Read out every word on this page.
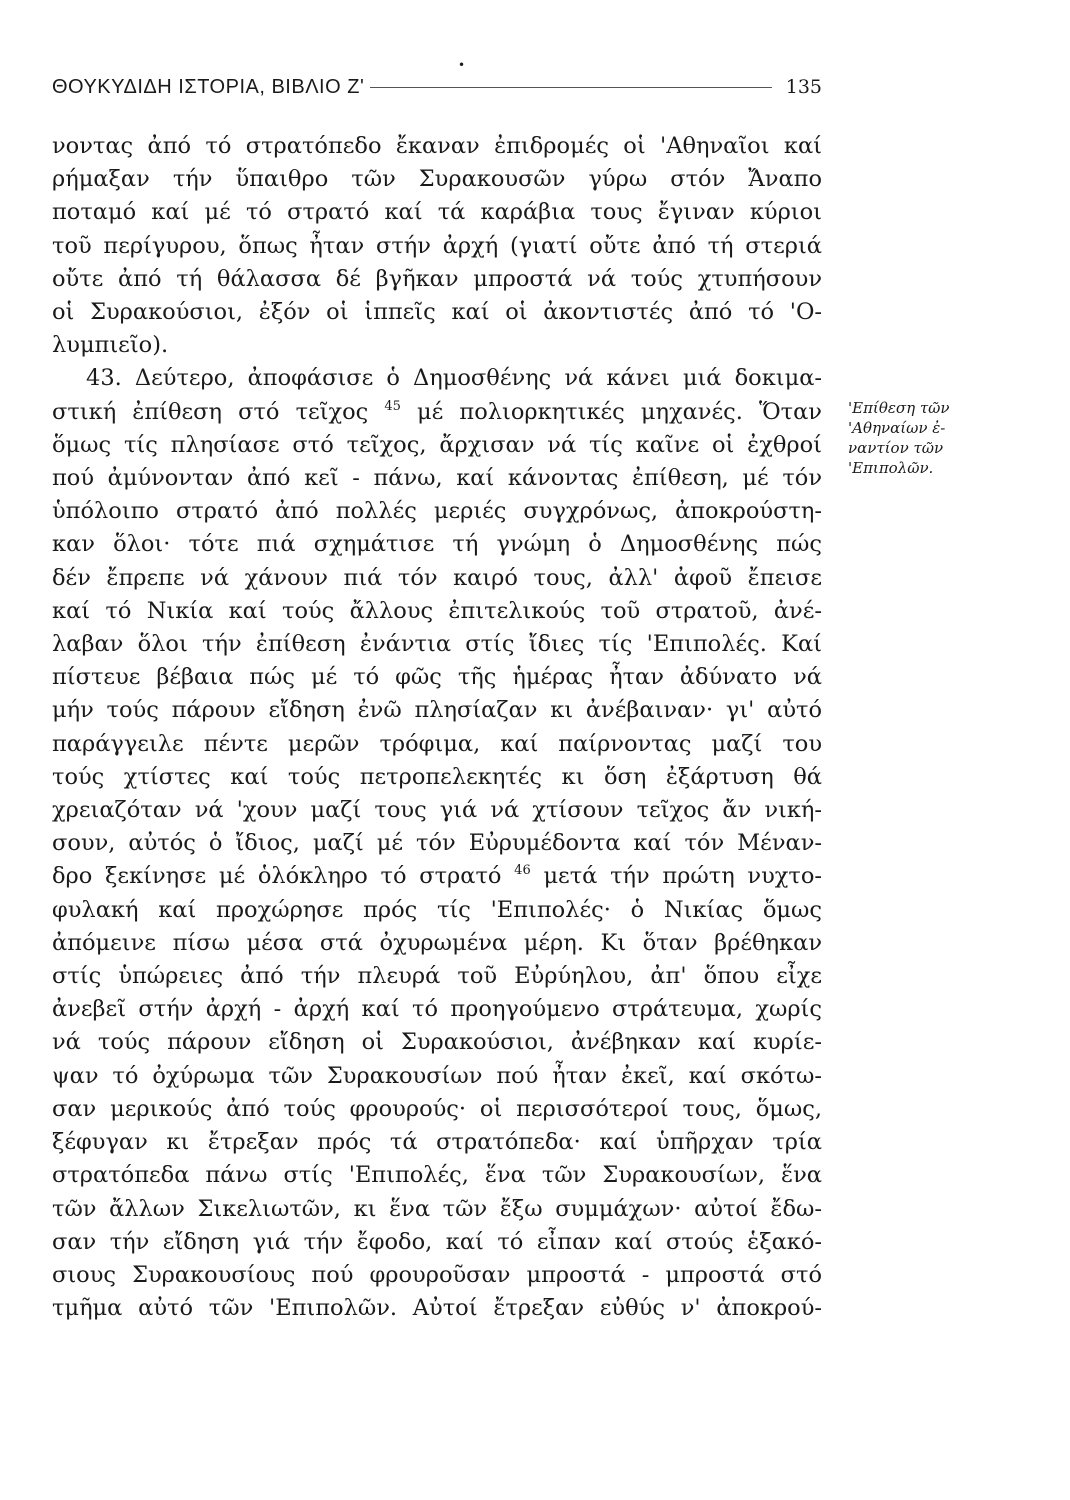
•
ΘΟΥΚΥΔΙΔΗ ΙΣΤΟΡΙΑ, ΒΙΒΛΙΟ Ζ'	135

νοντας ἀπό τό στρατόπεδο ἔκαναν ἐπιδρομές οἱ 'Αθηναῖοι καί

ρήμαξαν τήν ὕπαιθρο τῶν Συρακουσῶν γύρω στόν Ἄναπο

ποταμό καί μέ τό στρατό καί τά καράβια τους ἔγιναν κύριοι

τοῦ περίγυρου, ὅπως ἦταν στήν ἀρχή (γιατί οὔτε ἀπό τή στεριά

οὔτε ἀπό τή θάλασσα δέ βγῆκαν μπροστά νά τούς χτυπήσουν

οἱ Συρακούσιοι, ἐξόν οἱ ἱππεῖς καί οἱ ἀκοντιστές ἀπό τό 'Ο-

λυμπιεῖο).

43. Δεύτερο, ἀποφάσισε ὁ Δημοσθένης νά κάνει μιά δοκιμα-

στική ἐπίθεση στό τεῖχος $^{45}$ μέ πολιορκητικές μηχανές. Ὅταν

ὅμως τίς πλησίασε στό τεῖχος, ἄρχισαν νά τίς καῖνε οἱ ἐχθροί

πού ἀμύνονταν ἀπό κεῖ - πάνω, καί κάνοντας ἐπίθεση, μέ τόν

ὑπόλοιπο στρατό ἀπό πολλές μεριές συγχρόνως, ἀποκρούστη-

καν ὅλοι· τότε πιά σχημάτισε τή γνώμη ὁ Δημοσθένης πώς

δέν ἔπρεπε νά χάνουν πιά τόν καιρό τους, ἀλλ' ἀφοῦ ἔπεισε

καί τό Νικία καί τούς ἄλλους ἐπιτελικούς τοῦ στρατοῦ, ἀνέ-

λαβαν ὅλοι τήν ἐπίθεση ἐνάντια στίς ἴδιες τίς 'Επιπολές. Καί

πίστευε βέβαια πώς μέ τό φῶς τῆς ἡμέρας ἦταν ἀδύνατο νά

μήν τούς πάρουν εἴδηση ἐνῶ πλησίαζαν κι ἀνέβαιναν· γι' αὐτό

παράγγειλε πέντε μερῶν τρόφιμα, καί παίρνοντας μαζί του

τούς χτίστες καί τούς πετροπελεκητές κι ὅση ἐξάρτυση θά

χρειαζόταν νά 'χουν μαζί τους γιά νά χτίσουν τεῖχος ἄν νική-

σουν, αὐτός ὁ ἴδιος, μαζί μέ τόν Εὐρυμέδοντα καί τόν Μέναν-

δρο ξεκίνησε μέ ὁλόκληρο τό στρατό $^{46}$ μετά τήν πρώτη νυχτο-

φυλακή καί προχώρησε πρός τίς 'Επιπολές· ὁ Νικίας ὅμως

ἀπόμεινε πίσω μέσα στά ὀχυρωμένα μέρη. Κι ὅταν βρέθηκαν

στίς ὑπώρειες ἀπό τήν πλευρά τοῦ Εὐρύηλου, ἀπ' ὅπου εἶχε

ἀνεβεῖ στήν ἀρχή - ἀρχή καί τό προηγούμενο στράτευμα, χωρίς

νά τούς πάρουν εἴδηση οἱ Συρακούσιοι, ἀνέβηκαν καί κυρίε-

ψαν τό ὀχύρωμα τῶν Συρακουσίων πού ἦταν ἐκεῖ, καί σκότω-

σαν μερικούς ἀπό τούς φρουρούς· οἱ περισσότεροί τους, ὅμως,

ξέφυγαν κι ἔτρεξαν πρός τά στρατόπεδα· καί ὑπῆρχαν τρία

στρατόπεδα πάνω στίς 'Επιπολές, ἕνα τῶν Συρακουσίων, ἕνα

τῶν ἄλλων Σικελιωτῶν, κι ἕνα τῶν ἔξω συμμάχων· αὐτοί ἔδω-

σαν τήν εἴδηση γιά τήν ἔφοδο, καί τό εἶπαν καί στούς ἑξακό-

σιους Συρακουσίους πού φρουροῦσαν μπροστά - μπροστά στό

τμῆμα αὐτό τῶν 'Επιπολῶν. Αὐτοί ἔτρεξαν εὐθύς ν' ἀποκρού-

'Επίθεση τῶν
'Αθηναίων ἐ-
ναντίον τῶν
'Επιπολῶν.
